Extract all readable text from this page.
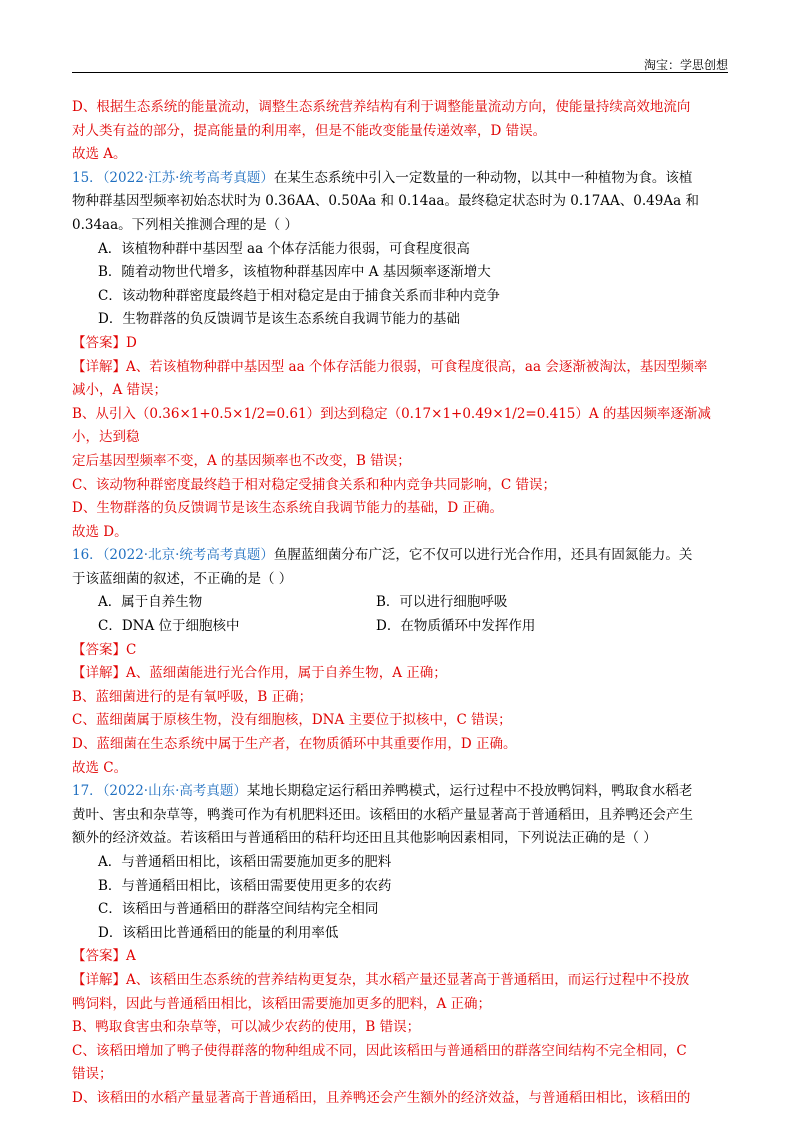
淘宝：学思创想

D、根据生态系统的能量流动，调整生态系统营养结构有利于调整能量流动方向，使能量持续高效地流向

对人类有益的部分，提高能量的利用率，但是不能改变能量传递效率，D 错误。

故选 A。

15．（2022·江苏·统考高考真题）在某生态系统中引入一定数量的一种动物，以其中一种植物为食。该植

物种群基因型频率初始态状时为 0.36AA、0.50Aa 和 0.14aa。最终稳定状态时为 0.17AA、0.49Aa 和

0.34aa。下列相关推测合理的是（ ）

A．该植物种群中基因型 aa 个体存活能力很弱，可食程度很高

B．随着动物世代增多，该植物种群基因库中 A 基因频率逐渐增大

C．该动物种群密度最终趋于相对稳定是由于捕食关系而非种内竞争

D．生物群落的负反馈调节是该生态系统自我调节能力的基础

【答案】D

【详解】A、若该植物种群中基因型 aa 个体存活能力很弱，可食程度很高，aa 会逐渐被淘汰，基因型频率

减小，A 错误；

B、从引入（0.36×1+0.5×1/2=0.61）到达到稳定（0.17×1+0.49×1/2=0.415）A 的基因频率逐渐减小，达到稳

定后基因型频率不变，A 的基因频率也不改变，B 错误；

C、该动物种群密度最终趋于相对稳定受捕食关系和种内竞争共同影响，C 错误；

D、生物群落的负反馈调节是该生态系统自我调节能力的基础，D 正确。

故选 D。

16．（2022·北京·统考高考真题）鱼腥蓝细菌分布广泛，它不仅可以进行光合作用，还具有固氮能力。关

于该蓝细菌的叙述，不正确的是（ ）

A．属于自养生物	B．可以进行细胞呼吸
C．DNA 位于细胞核中	D．在物质循环中发挥作用

【答案】C

【详解】A、蓝细菌能进行光合作用，属于自养生物，A 正确；

B、蓝细菌进行的是有氧呼吸，B 正确；

C、蓝细菌属于原核生物，没有细胞核，DNA 主要位于拟核中，C 错误；

D、蓝细菌在生态系统中属于生产者，在物质循环中其重要作用，D 正确。

故选 C。

17．（2022·山东·高考真题）某地长期稳定运行稻田养鸭模式，运行过程中不投放鸭饲料，鸭取食水稻老

黄叶、害虫和杂草等，鸭粪可作为有机肥料还田。该稻田的水稻产量显著高于普通稻田，且养鸭还会产生

额外的经济效益。若该稻田与普通稻田的秸秆均还田且其他影响因素相同，下列说法正确的是（ ）

A．与普通稻田相比，该稻田需要施加更多的肥料

B．与普通稻田相比，该稻田需要使用更多的农药

C．该稻田与普通稻田的群落空间结构完全相同

D．该稻田比普通稻田的能量的利用率低

【答案】A

【详解】A、该稻田生态系统的营养结构更复杂，其水稻产量还显著高于普通稻田，而运行过程中不投放

鸭饲料，因此与普通稻田相比，该稻田需要施加更多的肥料，A 正确；

B、鸭取食害虫和杂草等，可以减少农药的使用，B 错误；

C、该稻田增加了鸭子使得群落的物种组成不同，因此该稻田与普通稻田的群落空间结构不完全相同，C

错误；

D、该稻田的水稻产量显著高于普通稻田，且养鸭还会产生额外的经济效益，与普通稻田相比，该稻田的
